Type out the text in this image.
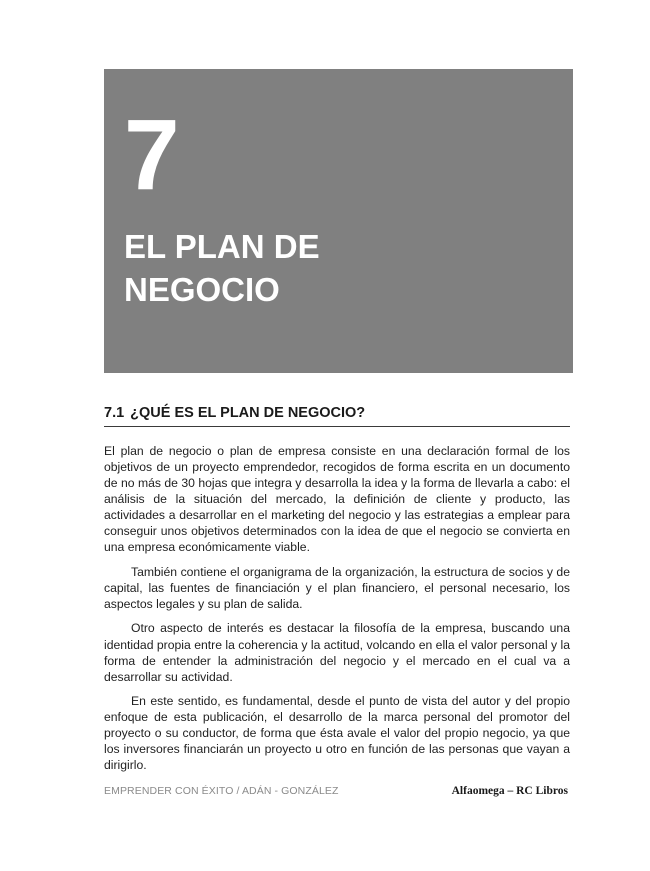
7
EL PLAN DE
NEGOCIO
7.1 ¿QUÉ ES EL PLAN DE NEGOCIO?

El plan de negocio o plan de empresa consiste en una declaración formal de los objetivos de un proyecto emprendedor, recogidos de forma escrita en un documento de no más de 30 hojas que integra y desarrolla la idea y la forma de llevarla a cabo: el análisis de la situación del mercado, la definición de cliente y producto, las actividades a desarrollar en el marketing del negocio y las estrategias a emplear para conseguir unos objetivos determinados con la idea de que el negocio se convierta en una empresa económicamente viable.

También contiene el organigrama de la organización, la estructura de socios y de capital, las fuentes de financiación y el plan financiero, el personal necesario, los aspectos legales y su plan de salida.

Otro aspecto de interés es destacar la filosofía de la empresa, buscando una identidad propia entre la coherencia y la actitud, volcando en ella el valor personal y la forma de entender la administración del negocio y el mercado en el cual va a desarrollar su actividad.

En este sentido, es fundamental, desde el punto de vista del autor y del propio enfoque de esta publicación, el desarrollo de la marca personal del promotor del proyecto o su conductor, de forma que ésta avale el valor del propio negocio, ya que los inversores financiarán un proyecto u otro en función de las personas que vayan a dirigirlo.

EMPRENDER CON ÉXITO / ADÁN - GONZÁLEZ	Alfaomega – RC Libros
